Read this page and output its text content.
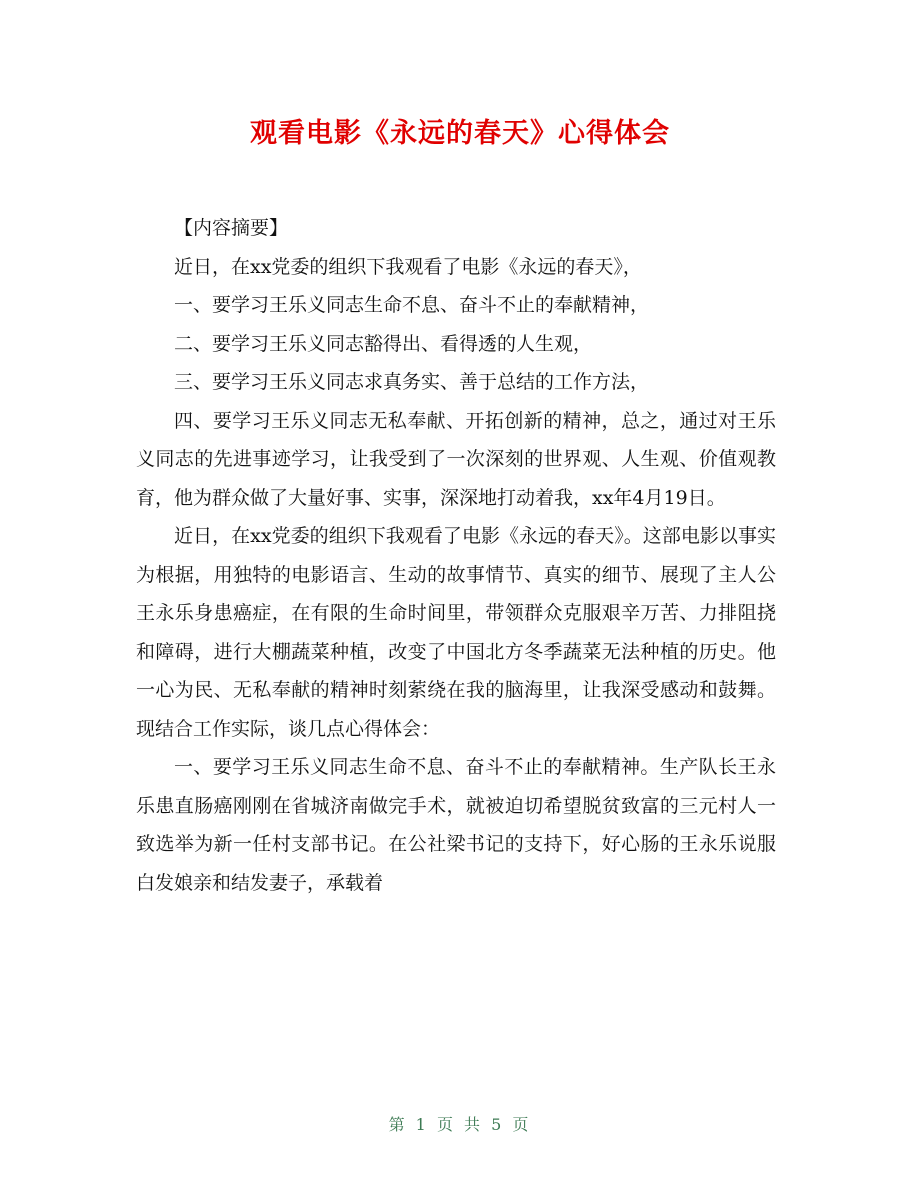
观看电影《永远的春天》心得体会

【内容摘要】

近日，在xx党委的组织下我观看了电影《永远的春天》，

一、要学习王乐义同志生命不息、奋斗不止的奉献精神，

二、要学习王乐义同志豁得出、看得透的人生观，

三、要学习王乐义同志求真务实、善于总结的工作方法，

四、要学习王乐义同志无私奉献、开拓创新的精神，总之，通过对王乐义同志的先进事迹学习，让我受到了一次深刻的世界观、人生观、价值观教育，他为群众做了大量好事、实事，深深地打动着我，xx年4月19日。

近日，在xx党委的组织下我观看了电影《永远的春天》。这部电影以事实为根据，用独特的电影语言、生动的故事情节、真实的细节、展现了主人公王永乐身患癌症，在有限的生命时间里，带领群众克服艰辛万苦、力排阻挠和障碍，进行大棚蔬菜种植，改变了中国北方冬季蔬菜无法种植的历史。他一心为民、无私奉献的精神时刻萦绕在我的脑海里，让我深受感动和鼓舞。现结合工作实际，谈几点心得体会：

一、要学习王乐义同志生命不息、奋斗不止的奉献精神。生产队长王永乐患直肠癌刚刚在省城济南做完手术，就被迫切希望脱贫致富的三元村人一致选举为新一任村支部书记。在公社梁书记的支持下，好心肠的王永乐说服白发娘亲和结发妻子，承载着

第 1 页 共 5 页
